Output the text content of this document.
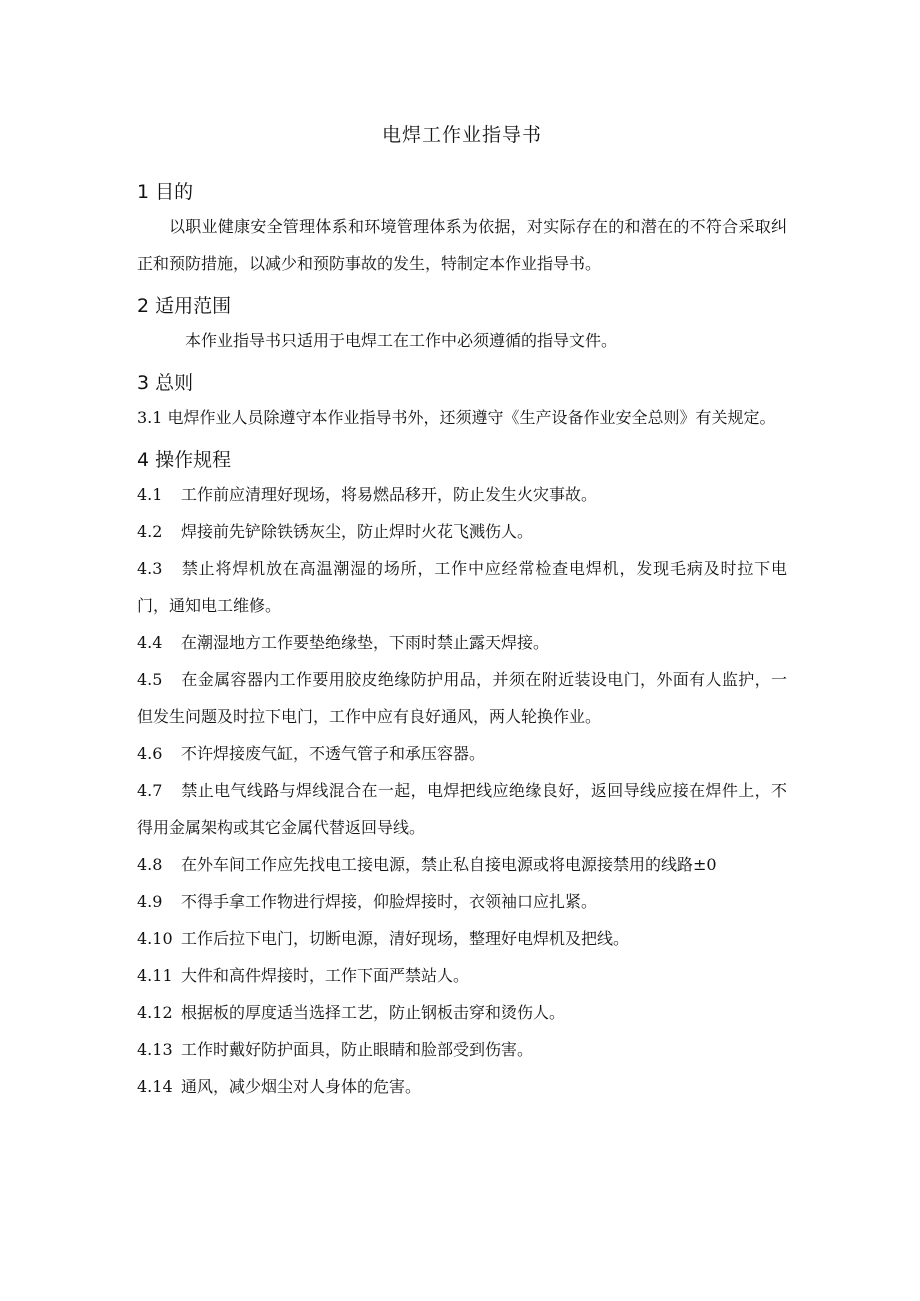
电焊工作业指导书
1 目的

以职业健康安全管理体系和环境管理体系为依据，对实际存在的和潜在的不符合采取纠正和预防措施，以减少和预防事故的发生，特制定本作业指导书。

2 适用范围

本作业指导书只适用于电焊工在工作中必须遵循的指导文件。

3 总则

3.1 电焊作业人员除遵守本作业指导书外，还须遵守《生产设备作业安全总则》有关规定。

4 操作规程

4.1 工作前应清理好现场，将易燃品移开，防止发生火灾事故。

4.2 焊接前先铲除铁锈灰尘，防止焊时火花飞溅伤人。

4.3 禁止将焊机放在高温潮湿的场所，工作中应经常检查电焊机，发现毛病及时拉下电门，通知电工维修。

4.4 在潮湿地方工作要垫绝缘垫，下雨时禁止露天焊接。

4.5 在金属容器内工作要用胶皮绝缘防护用品，并须在附近装设电门，外面有人监护，一但发生问题及时拉下电门，工作中应有良好通风，两人轮换作业。

4.6 不许焊接废气缸，不透气管子和承压容器。

4.7 禁止电气线路与焊线混合在一起，电焊把线应绝缘良好，返回导线应接在焊件上，不得用金属架构或其它金属代替返回导线。

4.8 在外车间工作应先找电工接电源，禁止私自接电源或将电源接禁用的线路±0

4.9 不得手拿工作物进行焊接，仰脸焊接时，衣领袖口应扎紧。

4.10 工作后拉下电门，切断电源，清好现场，整理好电焊机及把线。

4.11 大件和高件焊接时，工作下面严禁站人。

4.12 根据板的厚度适当选择工艺，防止钢板击穿和烫伤人。

4.13 工作时戴好防护面具，防止眼睛和脸部受到伤害。

4.14 通风，减少烟尘对人身体的危害。
